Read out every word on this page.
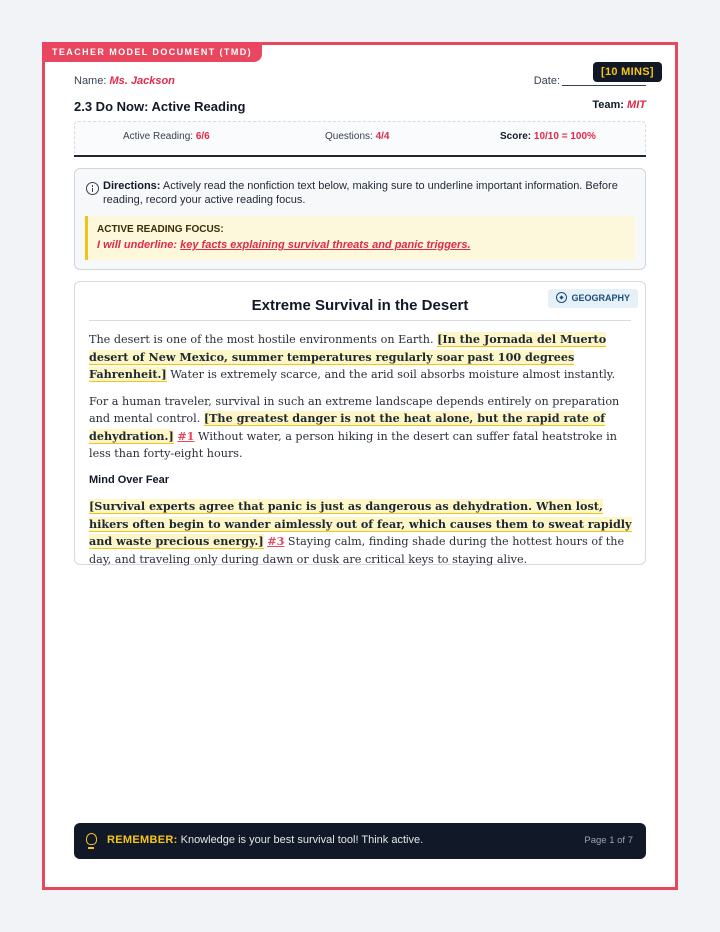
TEACHER MODEL DOCUMENT (TMD)
[10 MINS]
Name: Ms. Jackson	Date:
2.3 Do Now: Active Reading	Team: MIT
Active Reading: 6/6	Questions: 4/4	Score: 10/10 = 100%
Directions: Actively read the nonfiction text below, making sure to underline important information. Before reading, record your active reading focus.
ACTIVE READING FOCUS:
I will underline: key facts explaining survival threats and panic triggers.
Extreme Survival in the Desert	GEOGRAPHY

The desert is one of the most hostile environments on Earth. [In the Jornada del Muerto desert of New Mexico, summer temperatures regularly soar past 100 degrees Fahrenheit.] Water is extremely scarce, and the arid soil absorbs moisture almost instantly.

For a human traveler, survival in such an extreme landscape depends entirely on preparation and mental control. [The greatest danger is not the heat alone, but the rapid rate of dehydration.] #1 Without water, a person hiking in the desert can suffer fatal heatstroke in less than forty-eight hours.

Mind Over Fear

[Survival experts agree that panic is just as dangerous as dehydration. When lost, hikers often begin to wander aimlessly out of fear, which causes them to sweat rapidly and waste precious energy.] #3 Staying calm, finding shade during the hottest hours of the day, and traveling only during dawn or dusk are critical keys to staying alive.

REMEMBER: Knowledge is your best survival tool! Think active.	Page 1 of 7
